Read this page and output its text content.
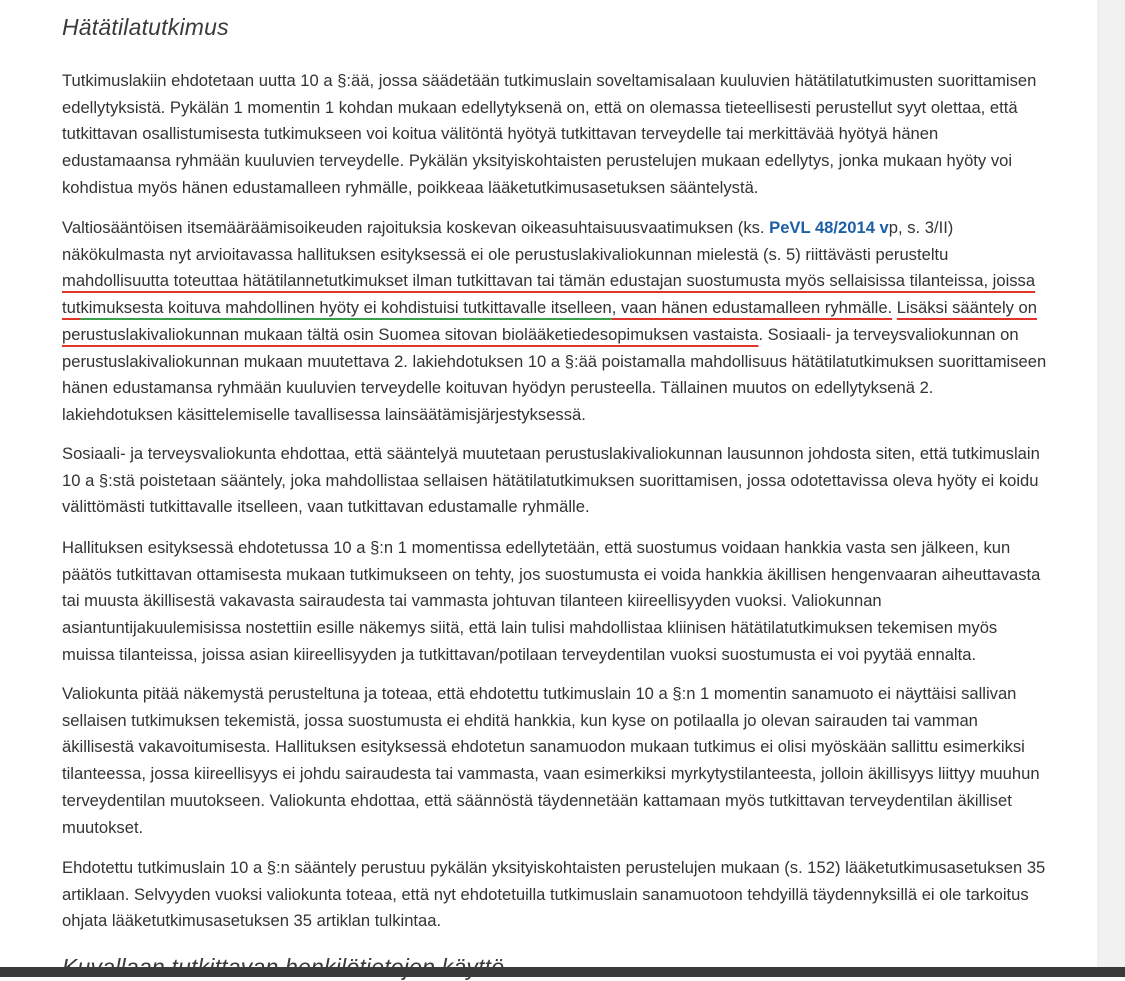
Hätätilatutkimus
Tutkimuslakiin ehdotetaan uutta 10 a §:ää, jossa säädetään tutkimuslain soveltamisalaan kuuluvien hätätilatutkimusten suorittamisen
edellytyksistä. Pykälän 1 momentin 1 kohdan mukaan edellytyksenä on, että on olemassa tieteellisesti perustellut syyt olettaa, että
tutkittavan osallistumisesta tutkimukseen voi koitua välitöntä hyötyä tutkittavan terveydelle tai merkittävää hyötyä hänen
edustamaansa ryhmään kuuluvien terveydelle. Pykälän yksityiskohtaisten perustelujen mukaan edellytys, jonka mukaan hyöty voi
kohdistua myös hänen edustamalleen ryhmälle, poikkeaa lääketutkimusasetuksen sääntelystä.
Valtiosääntöisen itsemääräämisoikeuden rajoituksia koskevan oikeasuhtaisuusvaatimuksen (ks. PeVL 48/2014 vp, s. 3/II)
näkökulmasta nyt arvioitavassa hallituksen esityksessä ei ole perustuslakivaliokunnan mielestä (s. 5) riittävästi perusteltu
mahdollisuutta toteuttaa hätätilannetutkimukset ilman tutkittavan tai tämän edustajan suostumusta myös sellaisissa tilanteissa, joissa
tutkimuksesta koituva mahdollinen hyöty ei kohdistuisi tutkittavalle itselleen, vaan hänen edustamalleen ryhmälle. Lisäksi sääntely on
perustuslakivaliokunnan mukaan tältä osin Suomea sitovan biolääketiedesopimuksen vastaista. Sosiaali- ja terveysvaliokunnan on
perustuslakivaliokunnan mukaan muutettava 2. lakiehdotuksen 10 a §:ää poistamalla mahdollisuus hätätilatutkimuksen suorittamiseen
hänen edustamansa ryhmään kuuluvien terveydelle koituvan hyödyn perusteella. Tällainen muutos on edellytyksenä 2.
lakiehdotuksen käsittelemiselle tavallisessa lainsäätämisjärjestyksessä.
Sosiaali- ja terveysvaliokunta ehdottaa, että sääntelyä muutetaan perustuslakivaliokunnan lausunnon johdosta siten, että tutkimuslain
10 a §:stä poistetaan sääntely, joka mahdollistaa sellaisen hätätilatutkimuksen suorittamisen, jossa odotettavissa oleva hyöty ei koidu
välittömästi tutkittavalle itselleen, vaan tutkittavan edustamalle ryhmälle.
Hallituksen esityksessä ehdotetussa 10 a §:n 1 momentissa edellytetään, että suostumus voidaan hankkia vasta sen jälkeen, kun
päätös tutkittavan ottamisesta mukaan tutkimukseen on tehty, jos suostumusta ei voida hankkia äkillisen hengenvaaran aiheuttavasta
tai muusta äkillisestä vakavasta sairaudesta tai vammasta johtuvan tilanteen kiireellisyyden vuoksi. Valiokunnan
asiantuntijakuulemisissa nostettiin esille näkemys siitä, että lain tulisi mahdollistaa kliinisen hätätilatutkimuksen tekemisen myös
muissa tilanteissa, joissa asian kiireellisyyden ja tutkittavan/potilaan terveydentilan vuoksi suostumusta ei voi pyytää ennalta.
Valiokunta pitää näkemystä perusteltuna ja toteaa, että ehdotettu tutkimuslain 10 a §:n 1 momentin sanamuoto ei näyttäisi sallivan
sellaisen tutkimuksen tekemistä, jossa suostumusta ei ehditä hankkia, kun kyse on potilaalla jo olevan sairauden tai vamman
äkillisestä vakavoitumisesta. Hallituksen esityksessä ehdotetun sanamuodon mukaan tutkimus ei olisi myöskään sallittu esimerkiksi
tilanteessa, jossa kiireellisyys ei johdu sairaudesta tai vammasta, vaan esimerkiksi myrkytystilanteesta, jolloin äkillisyys liittyy muuhun
terveydentilan muutokseen. Valiokunta ehdottaa, että säännöstä täydennetään kattamaan myös tutkittavan terveydentilan äkilliset
muutokset.
Ehdotettu tutkimuslain 10 a §:n sääntely perustuu pykälän yksityiskohtaisten perustelujen mukaan (s. 152) lääketutkimusasetuksen 35
artiklaan. Selvyyden vuoksi valiokunta toteaa, että nyt ehdotetuilla tutkimuslain sanamuotoon tehdyillä täydennyksillä ei ole tarkoitus
ohjata lääketutkimusasetuksen 35 artiklan tulkintaa.
